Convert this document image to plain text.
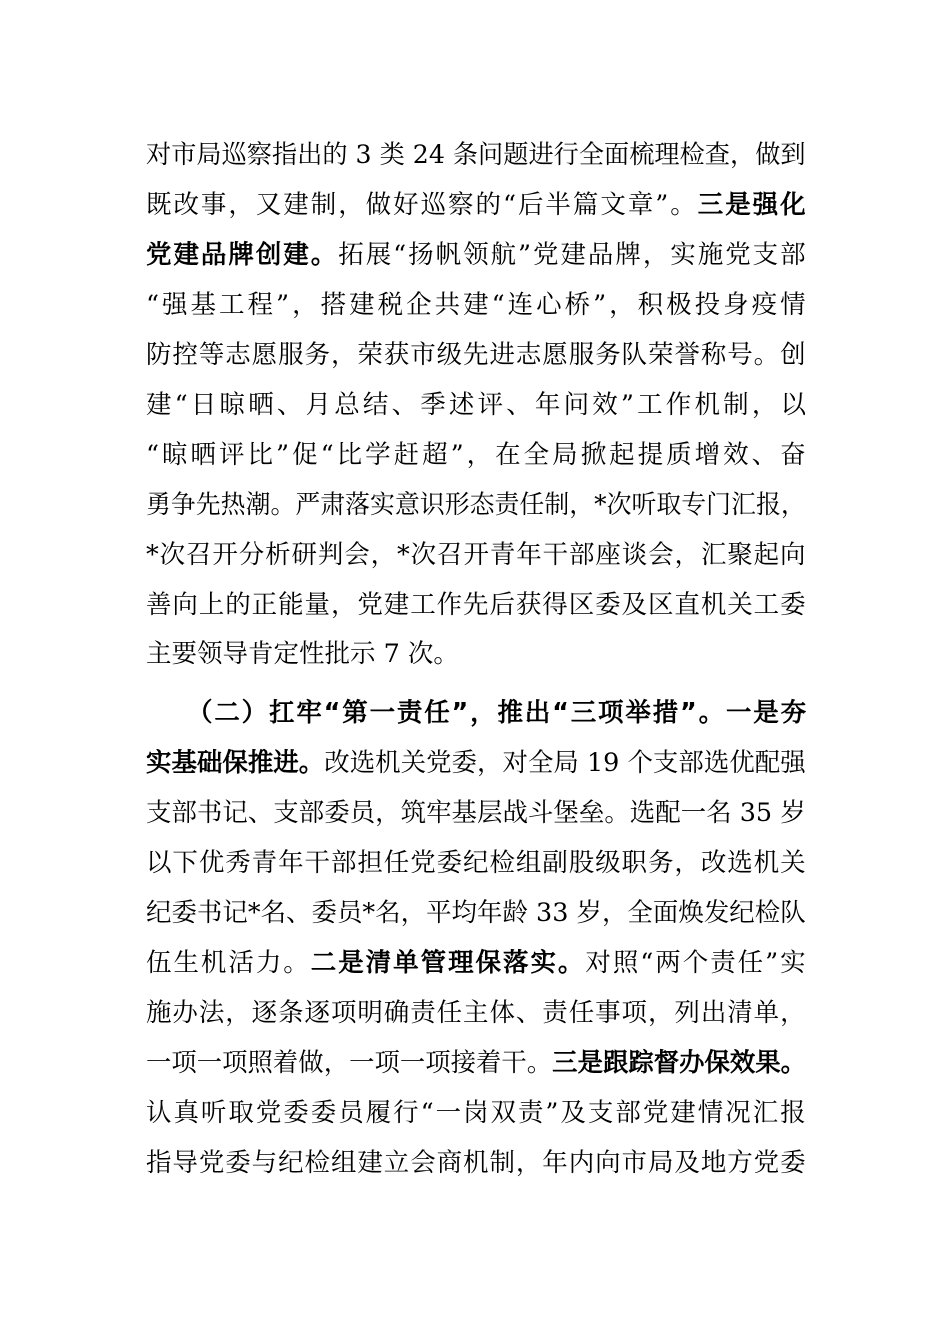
对市局巡察指出的 3 类 24 条问题进行全面梳理检查，做到
既改事，又建制，做好巡察的“后半篇文章”。三是强化
党建品牌创建。拓展“扬帆领航”党建品牌，实施党支部
“强基工程”，搭建税企共建“连心桥”，积极投身疫情
防控等志愿服务，荣获市级先进志愿服务队荣誉称号。创
建“日晾晒、月总结、季述评、年问效”工作机制，以
“晾晒评比”促“比学赶超”，在全局掀起提质增效、奋
勇争先热潮。严肃落实意识形态责任制，*次听取专门汇报，
*次召开分析研判会，*次召开青年干部座谈会，汇聚起向
善向上的正能量，党建工作先后获得区委及区直机关工委
主要领导肯定性批示 7 次。
（二）扛牢“第一责任”，推出“三项举措”。一是夯
实基础保推进。改选机关党委，对全局 19 个支部选优配强
支部书记、支部委员，筑牢基层战斗堡垒。选配一名 35 岁
以下优秀青年干部担任党委纪检组副股级职务，改选机关
纪委书记*名、委员*名，平均年龄 33 岁，全面焕发纪检队
伍生机活力。二是清单管理保落实。对照“两个责任”实
施办法，逐条逐项明确责任主体、责任事项，列出清单，
一项一项照着做，一项一项接着干。三是跟踪督办保效果。
认真听取党委委员履行“一岗双责”及支部党建情况汇报
指导党委与纪检组建立会商机制，年内向市局及地方党委
